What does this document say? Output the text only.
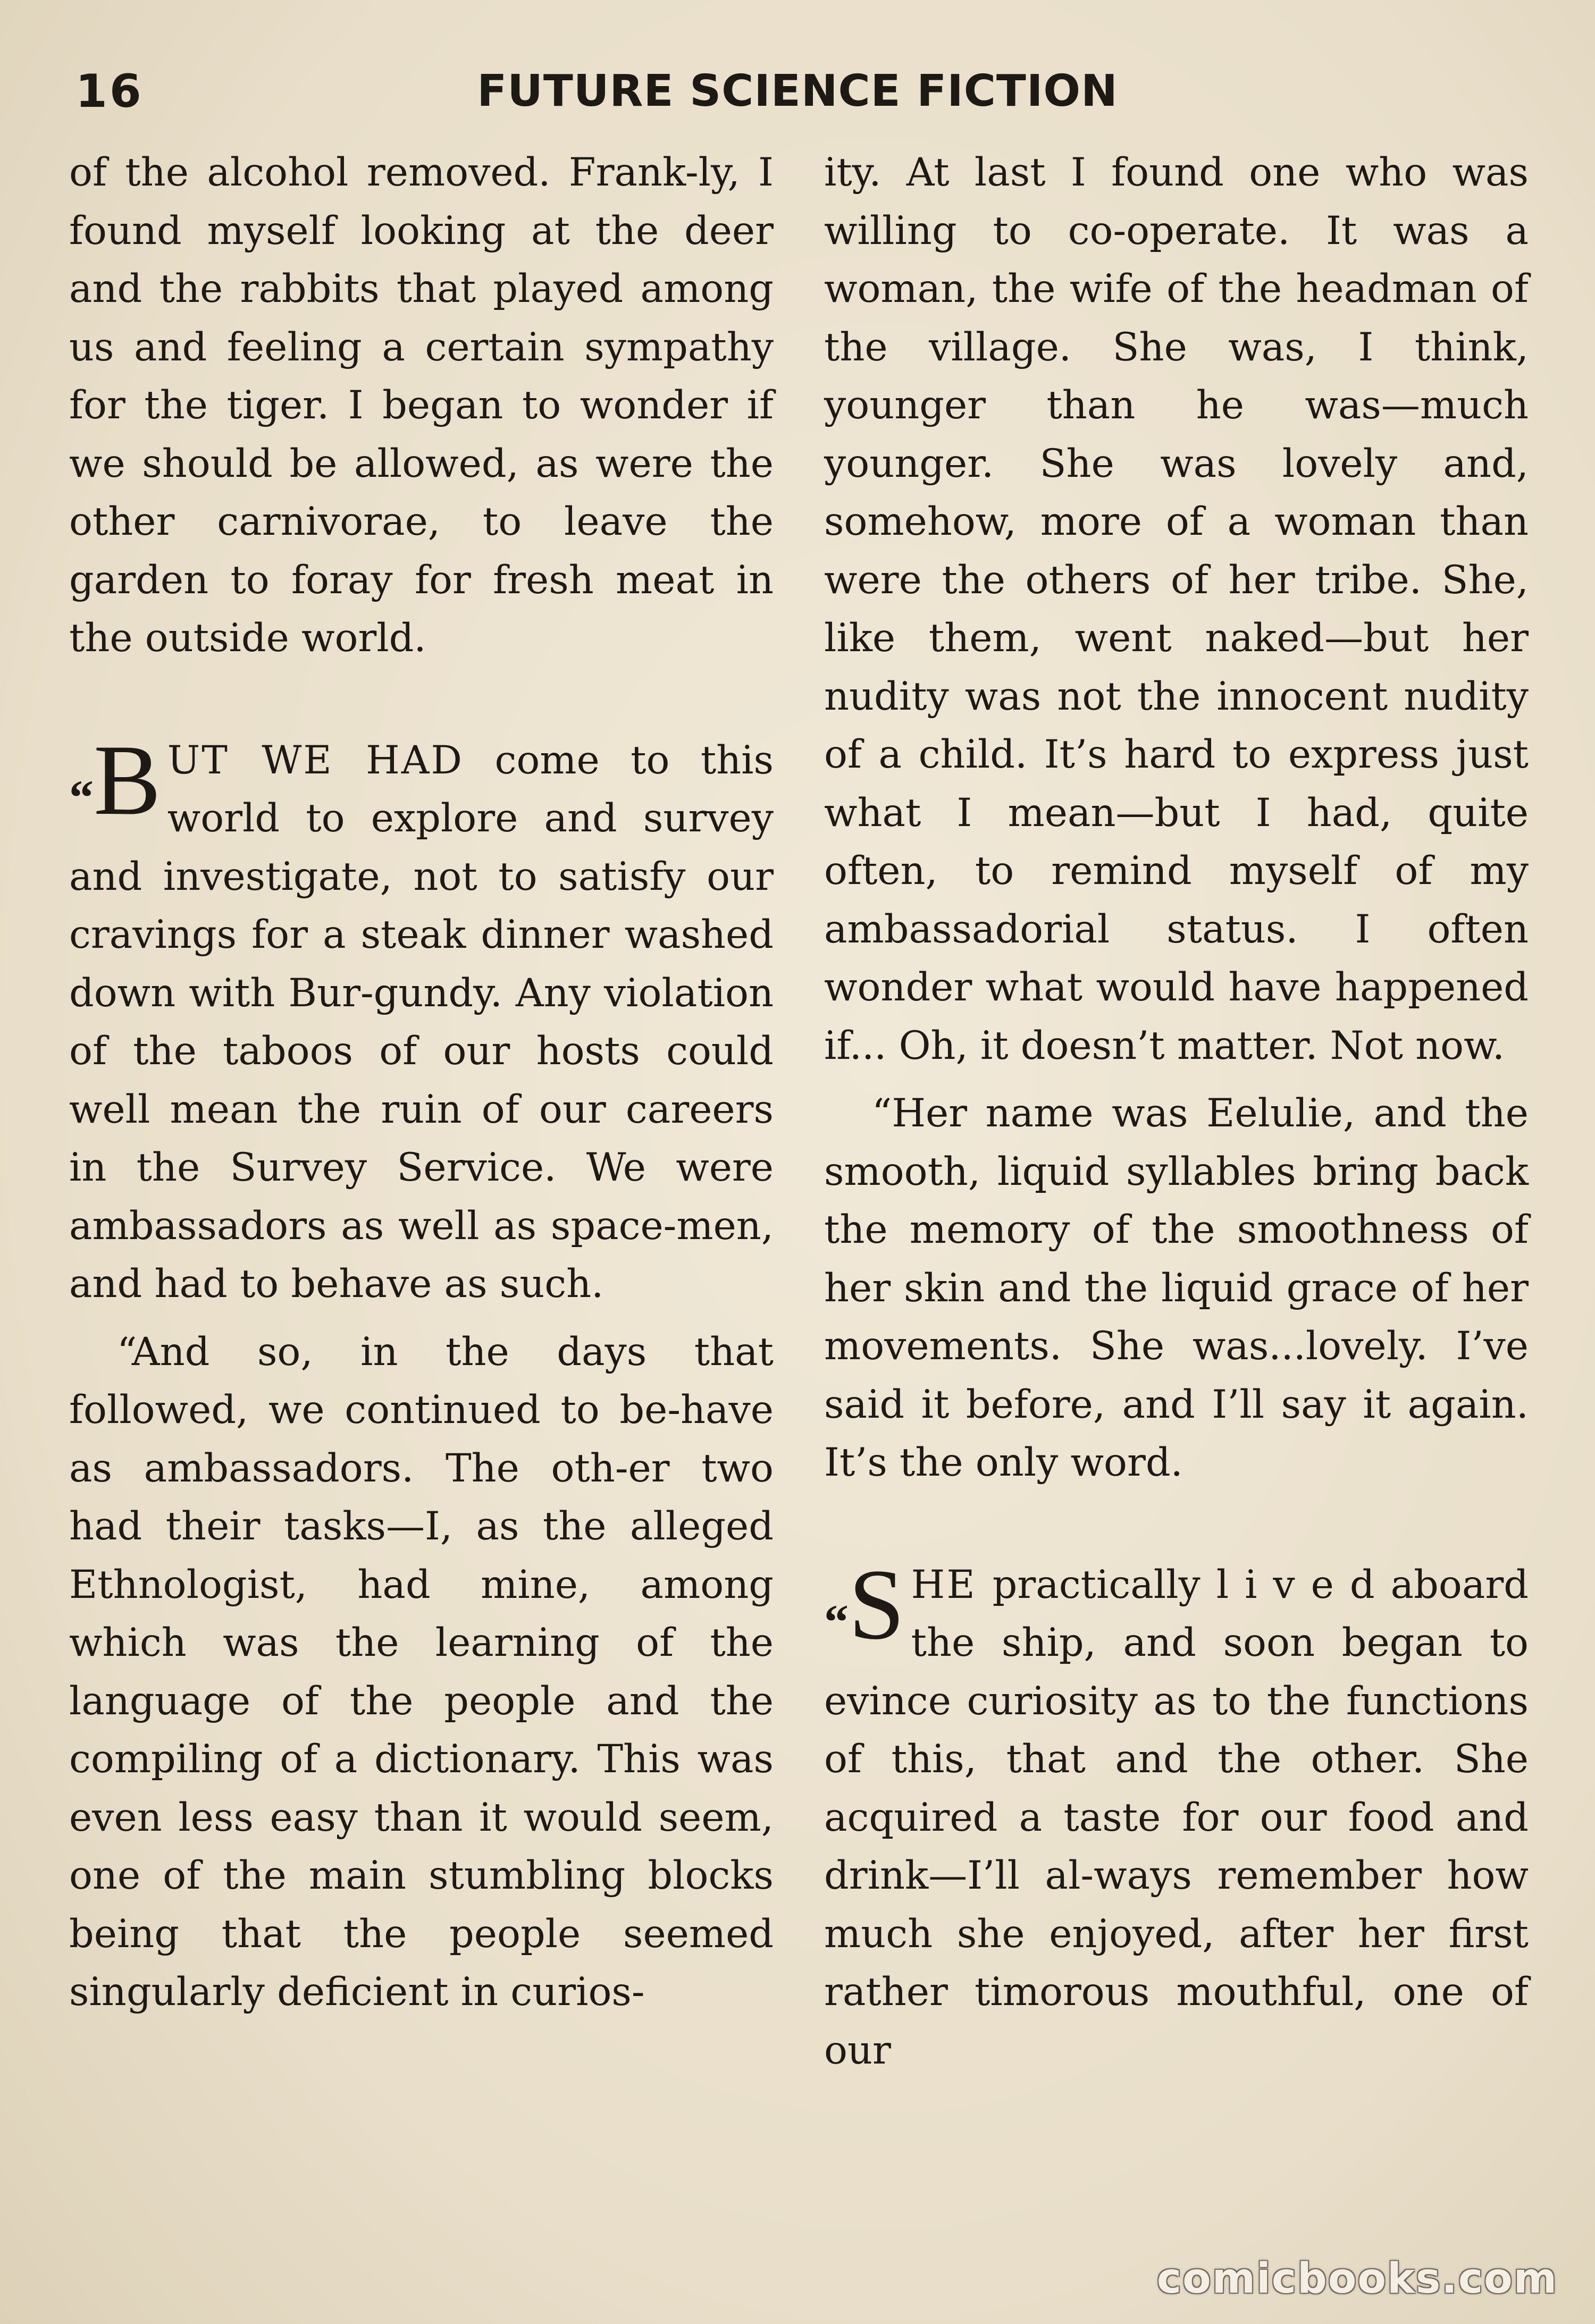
16	FUTURE SCIENCE FICTION

of the alcohol removed. Frank-ly, I found myself looking at the deer and the rabbits that played among us and feeling a certain sympathy for the tiger. I began to wonder if we should be allowed, as were the other carnivorae, to leave the garden to foray for fresh meat in the outside world.

“B UT WE HAD come to this world to explore and survey and investigate, not to satisfy our cravings for a steak dinner washed down with Bur-gundy. Any violation of the taboos of our hosts could well mean the ruin of our careers in the Survey Service. We were ambassadors as well as space-men, and had to behave as such.

“And so, in the days that followed, we continued to be-have as ambassadors. The oth-er two had their tasks—I, as the alleged Ethnologist, had mine, among which was the learning of the language of the people and the compiling of a dictionary. This was even less easy than it would seem, one of the main stumbling blocks being that the people seemed singularly deficient in curios-

ity. At last I found one who was willing to co-operate. It was a woman, the wife of the headman of the village. She was, I think, younger than he was—much younger. She was lovely and, somehow, more of a woman than were the others of her tribe. She, like them, went naked—but her nudity was not the innocent nudity of a child. It’s hard to express just what I mean—but I had, quite often, to remind myself of my ambassadorial status. I often wonder what would have happened if... Oh, it doesn’t matter. Not now.

“Her name was Eelulie, and the smooth, liquid syllables bring back the memory of the smoothness of her skin and the liquid grace of her movements. She was...lovely. I’ve said it before, and I’ll say it again. It’s the only word.

“S HE practically l i v e d aboard the ship, and soon began to evince curiosity as to the functions of this, that and the other. She acquired a taste for our food and drink—I’ll al-ways remember how much she enjoyed, after her first rather timorous mouthful, one of our

comicbooks.com
